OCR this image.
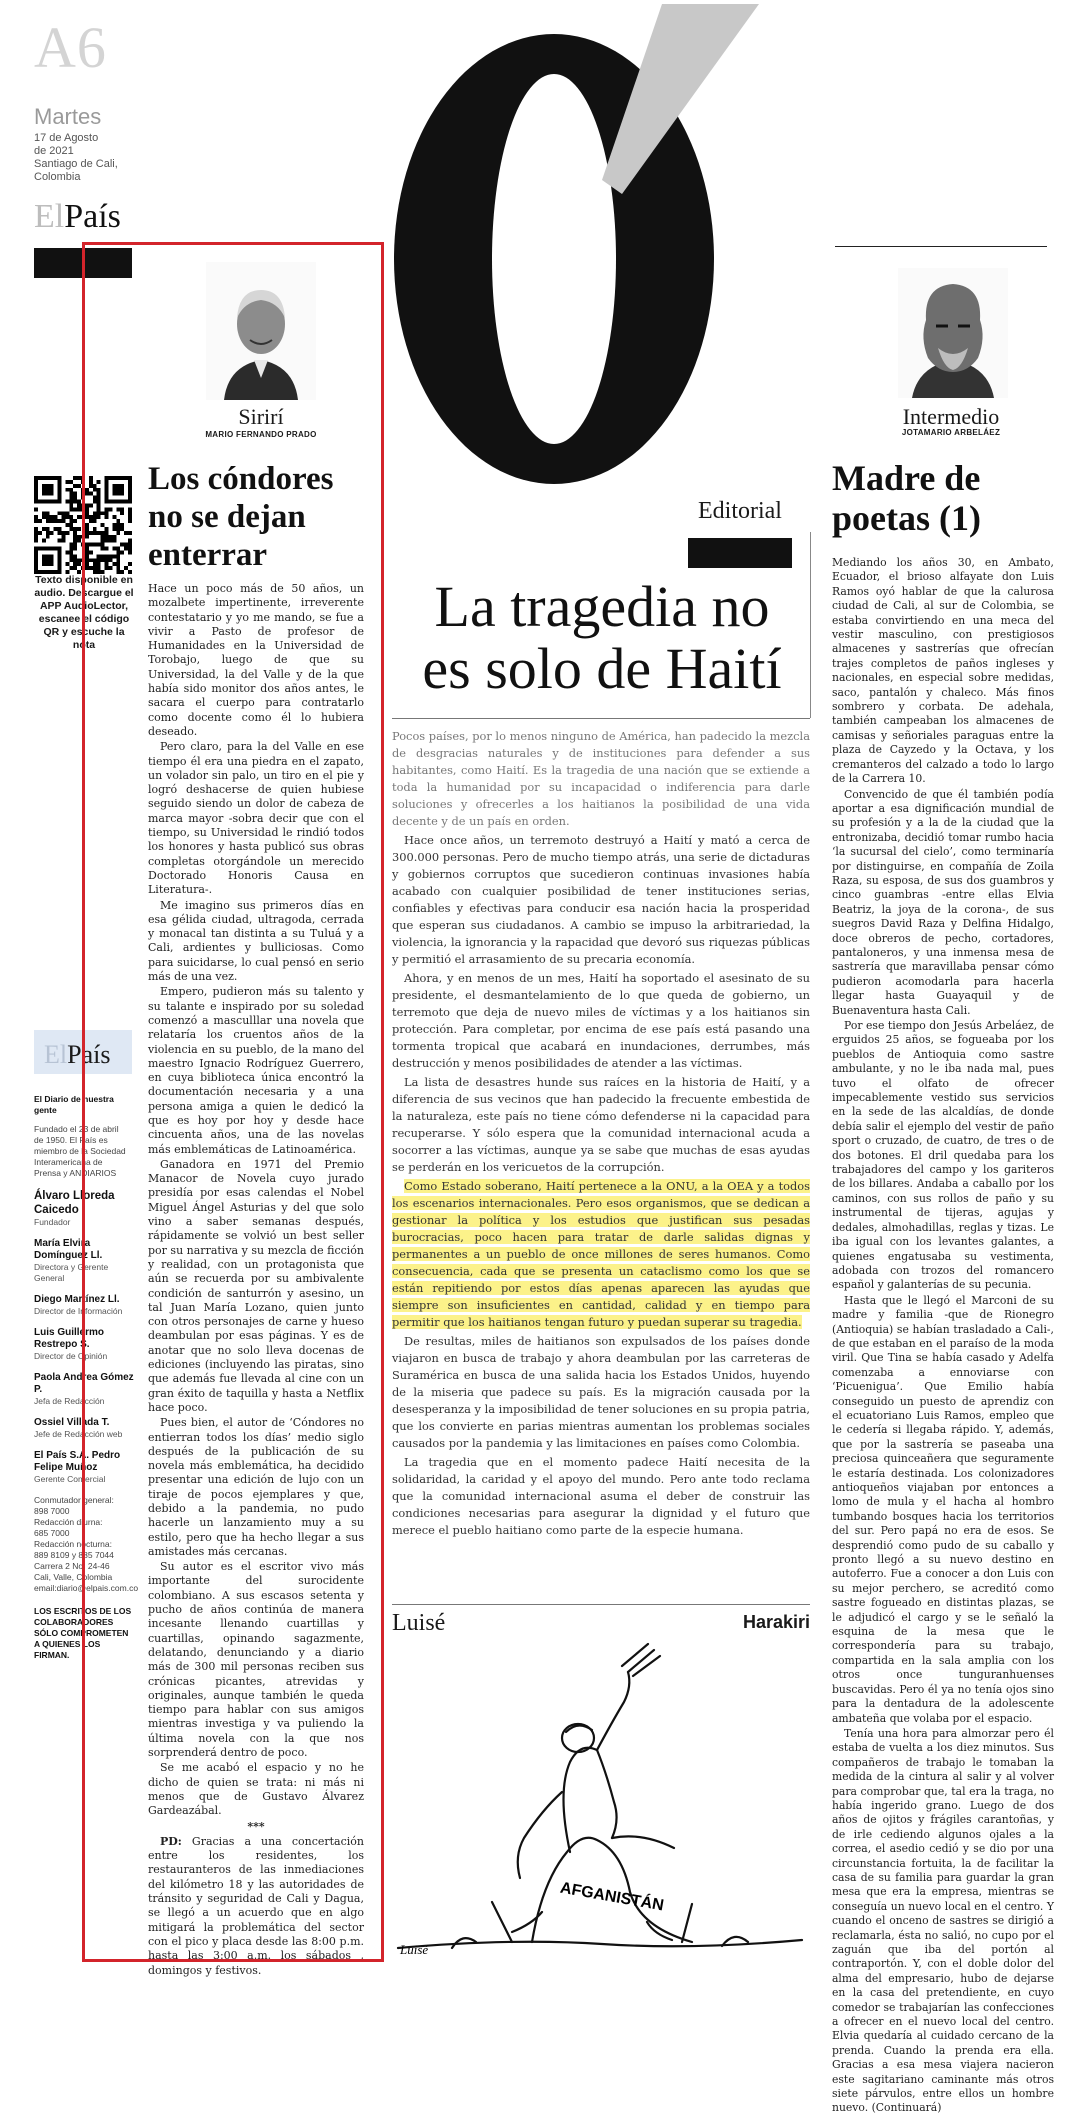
A6
Martes
17 de Agosto
de 2021
Santiago de Cali,
Colombia
ElPaís
Texto disponible en audio. Descargue el APP AudioLector, escanee el código QR y escuche la nota
ElPaís
El Diario de nuestra gente
Fundado el 23 de abril
de 1950. El País es
miembro de la Sociedad
Interamericana de
Prensa y ANDIARIOS
Álvaro Lloreda Caicedo
Fundador
María Elvira Domínguez Ll.
Directora y Gerente General
Diego Martínez Ll.
Director de Información
Luis Guillermo Restrepo S.
Director de Opinión
Paola Andrea Gómez P.
Jefa de Redacción
Ossiel Villada T.
Jefe de Redacción web
El País S.A. Pedro Felipe Muñoz
Gerente Comercial
Conmutador general:
898 7000
Redacción diurna:
685 7000
Redacción nocturna:
889 8109 y 885 7044
Carrera 2 No. 24-46
Cali, Valle, Colombia
email:diario@elpais.com.co
LOS ESCRITOS DE LOS COLABORADORES SÓLO COMPROMETEN A QUIENES LOS FIRMAN.
Sirirí
MARIO FERNANDO PRADO
Los cóndores
no se dejan
enterrar

Hace un poco más de 50 años, un mozalbete impertinente, irreverente contestatario y yo me mando, se fue a vivir a Pasto de profesor de Humanidades en la Universidad de Torobajo, luego de que su Universidad, la del Valle y de la que había sido monitor dos años antes, le sacara el cuerpo para contratarlo como docente como él lo hubiera deseado.

Pero claro, para la del Valle en ese tiempo él era una piedra en el zapato, un volador sin palo, un tiro en el pie y logró deshacerse de quien hubiese seguido siendo un dolor de cabeza de marca mayor -sobra decir que con el tiempo, su Universidad le rindió todos los honores y hasta publicó sus obras completas otorgándole un merecido Doctorado Honoris Causa en Literatura-.

Me imagino sus primeros días en esa gélida ciudad, ultragoda, cerrada y monacal tan distinta a su Tuluá y a Cali, ardientes y bulliciosas. Como para suicidarse, lo cual pensó en serio más de una vez.

Empero, pudieron más su talento y su talante e inspirado por su soledad comenzó a masculllar una novela que relataría los cruentos años de la violencia en su pueblo, de la mano del maestro Ignacio Rodríguez Guerrero, en cuya biblioteca única encontró la documentación necesaria y a una persona amiga a quien le dedicó la que es hoy por hoy y desde hace cincuenta años, una de las novelas más emblemáticas de Latinoamérica.

Ganadora en 1971 del Premio Manacor de Novela cuyo jurado presidía por esas calendas el Nobel Miguel Ángel Asturias y del que solo vino a saber semanas después, rápidamente se volvió un best seller por su narrativa y su mezcla de ficción y realidad, con un protagonista que aún se recuerda por su ambivalente condición de santurrón y asesino, un tal Juan María Lozano, quien junto con otros personajes de carne y hueso deambulan por esas páginas. Y es de anotar que no solo lleva docenas de ediciones (incluyendo las piratas, sino que además fue llevada al cine con un gran éxito de taquilla y hasta a Netflix hace poco.

Pues bien, el autor de ‘Cóndores no entierran todos los días’ medio siglo después de la publicación de su novela más emblemática, ha decidido presentar una edición de lujo con un tiraje de pocos ejemplares y que, debido a la pandemia, no pudo hacerle un lanzamiento muy a su estilo, pero que ha hecho llegar a sus amistades más cercanas.

Su autor es el escritor vivo más importante del surocidente colombiano. A sus escasos setenta y pucho de años continúa de manera incesante llenando cuartillas y cuartillas, opinando sagazmente, delatando, denunciando y a diario más de 300 mil personas reciben sus crónicas picantes, atrevidas y originales, aunque también le queda tiempo para hablar con sus amigos mientras investiga y va puliendo la última novela con la que nos sorprenderá dentro de poco.

Se me acabó el espacio y no he dicho de quien se trata: ni más ni menos que de Gustavo Álvarez Gardeazábal.

***

PD: Gracias a una concertación entre los residentes, los restauranteros de las inmediaciones del kilómetro 18 y las autoridades de tránsito y seguridad de Cali y Dagua, se llegó a un acuerdo que en algo mitigará la problemática del sector con el pico y placa desde las 8:00 p.m. hasta las 3:00 a.m. los sábados , domingos y festivos.

Editorial
La tragedia no
es solo de Haití

Pocos países, por lo menos ninguno de América, han padecido la mezcla de desgracias naturales y de instituciones para defender a sus habitantes, como Haití. Es la tragedia de una nación que se extiende a toda la humanidad por su incapacidad o indiferencia para darle soluciones y ofrecerles a los haitianos la posibilidad de una vida decente y de un país en orden.

Hace once años, un terremoto destruyó a Haití y mató a cerca de 300.000 personas. Pero de mucho tiempo atrás, una serie de dictaduras y gobiernos corruptos que sucedieron continuas invasiones había acabado con cualquier posibilidad de tener instituciones serias, confiables y efectivas para conducir esa nación hacia la prosperidad que esperan sus ciudadanos. A cambio se impuso la arbitrariedad, la violencia, la ignorancia y la rapacidad que devoró sus riquezas públicas y permitió el arrasamiento de su precaria economía.

Ahora, y en menos de un mes, Haití ha soportado el asesinato de su presidente, el desmantelamiento de lo que queda de gobierno, un terremoto que deja de nuevo miles de víctimas y a los haitianos sin protección. Para completar, por encima de ese país está pasando una tormenta tropical que acabará en inundaciones, derrumbes, más destrucción y menos posibilidades de atender a las víctimas.

La lista de desastres hunde sus raíces en la historia de Haití, y a diferencia de sus vecinos que han padecido la frecuente embestida de la naturaleza, este país no tiene cómo defenderse ni la capacidad para recuperarse. Y sólo espera que la comunidad internacional acuda a socorrer a las víctimas, aunque ya se sabe que muchas de esas ayudas se perderán en los vericuetos de la corrupción.

Como Estado soberano, Haití pertenece a la ONU, a la OEA y a todos los escenarios internacionales. Pero esos organismos, que se dedican a gestionar la política y los estudios que justifican sus pesadas burocracias, poco hacen para tratar de darle salidas dignas y permanentes a un pueblo de once millones de seres humanos. Como consecuencia, cada que se presenta un cataclismo como los que se están repitiendo por estos días apenas aparecen las ayudas que siempre son insuficientes en cantidad, calidad y en tiempo para permitir que los haitianos tengan futuro y puedan superar su tragedia.

De resultas, miles de haitianos son expulsados de los países donde viajaron en busca de trabajo y ahora deambulan por las carreteras de Suramérica en busca de una salida hacia los Estados Unidos, huyendo de la miseria que padece su país. Es la migración causada por la desesperanza y la imposibilidad de tener soluciones en su propia patria, que los convierte en parias mientras aumentan los problemas sociales causados por la pandemia y las limitaciones en países como Colombia.

La tragedia que en el momento padece Haití necesita de la solidaridad, la caridad y el apoyo del mundo. Pero ante todo reclama que la comunidad internacional asuma el deber de construir las condiciones necesarias para asegurar la dignidad y el futuro que merece el pueblo haitiano como parte de la especie humana.

Luisé	Harakiri
AFGANISTÁN
Luisé
Intermedio
JOTAMARIO ARBELÁEZ
Madre de
poetas (1)

Mediando los años 30, en Ambato, Ecuador, el brioso alfayate don Luis Ramos oyó hablar de que la calurosa ciudad de Cali, al sur de Colombia, se estaba convirtiendo en una meca del vestir masculino, con prestigiosos almacenes y sastrerías que ofrecían trajes completos de paños ingleses y nacionales, en especial sobre medidas, saco, pantalón y chaleco. Más finos sombrero y corbata. De adehala, también campeaban los almacenes de camisas y señoriales paraguas entre la plaza de Cayzedo y la Octava, y los cremanteros del calzado a todo lo largo de la Carrera 10.

Convencido de que él también podía aportar a esa dignificación mundial de su profesión y a la de la ciudad que la entronizaba, decidió tomar rumbo hacia ‘la sucursal del cielo’, como terminaría por distinguirse, en compañía de Zoila Raza, su esposa, de sus dos guambros y cinco guambras -entre ellas Elvia Beatriz, la joya de la corona-, de sus suegros David Raza y Delfina Hidalgo, doce obreros de pecho, cortadores, pantaloneros, y una inmensa mesa de sastrería que maravillaba pensar cómo pudieron acomodarla para hacerla llegar hasta Guayaquil y de Buenaventura hasta Cali.

Por ese tiempo don Jesús Arbeláez, de erguidos 25 años, se fogueaba por los pueblos de Antioquia como sastre ambulante, y no le iba nada mal, pues tuvo el olfato de ofrecer impecablemente vestido sus servicios en la sede de las alcaldías, de donde debía salir el ejemplo del vestir de paño sport o cruzado, de cuatro, de tres o de dos botones. El dril quedaba para los trabajadores del campo y los gariteros de los billares. Andaba a caballo por los caminos, con sus rollos de paño y su instrumental de tijeras, agujas y dedales, almohadillas, reglas y tizas. Le iba igual con los levantes galantes, a quienes engatusaba su vestimenta, adobada con trozos del romancero español y galanterías de su pecunia.

Hasta que le llegó el Marconi de su madre y familia -que de Rionegro (Antioquia) se habían trasladado a Cali-, de que estaban en el paraíso de la moda viril. Que Tina se había casado y Adelfa comenzaba a ennoviarse con ‘Picuenigua’. Que Emilio había conseguido un puesto de aprendiz con el ecuatoriano Luis Ramos, empleo que le cedería si llegaba rápido. Y, además, que por la sastrería se paseaba una preciosa quinceañera que seguramente le estaría destinada. Los colonizadores antioqueños viajaban por entonces a lomo de mula y el hacha al hombro tumbando bosques hacia los territorios del sur. Pero papá no era de esos. Se desprendió como pudo de su caballo y pronto llegó a su nuevo destino en autoferro. Fue a conocer a don Luis con su mejor perchero, se acreditó como sastre fogueado en distintas plazas, se le adjudicó el cargo y se le señaló la esquina de la mesa que le correspondería para su trabajo, compartida en la sala amplia con los otros once tunguranhuenses buscavidas. Pero él ya no tenía ojos sino para la dentadura de la adolescente ambateña que volaba por el espacio.

Tenía una hora para almorzar pero él estaba de vuelta a los diez minutos. Sus compañeros de trabajo le tomaban la medida de la cintura al salir y al volver para comprobar que, tal era la traga, no había ingerido grano. Luego de dos años de ojitos y frágiles carantoñas, y de irle cediendo algunos ojales a la correa, el asedio cedió y se dio por una circunstancia fortuita, la de facilitar la casa de su familia para guardar la gran mesa que era la empresa, mientras se conseguía un nuevo local en el centro. Y cuando el onceno de sastres se dirigió a reclamarla, ésta no salió, no cupo por el zaguán que iba del portón al contraportón. Y, con el doble dolor del alma del empresario, hubo de dejarse en la casa del pretendiente, en cuyo comedor se trabajarían las confecciones a ofrecer en el nuevo local del centro. Elvia quedaría al cuidado cercano de la prenda. Cuando la prenda era ella. Gracias a esa mesa viajera nacieron este sagitariano caminante más otros siete párvulos, entre ellos un hombre nuevo. (Continuará)
